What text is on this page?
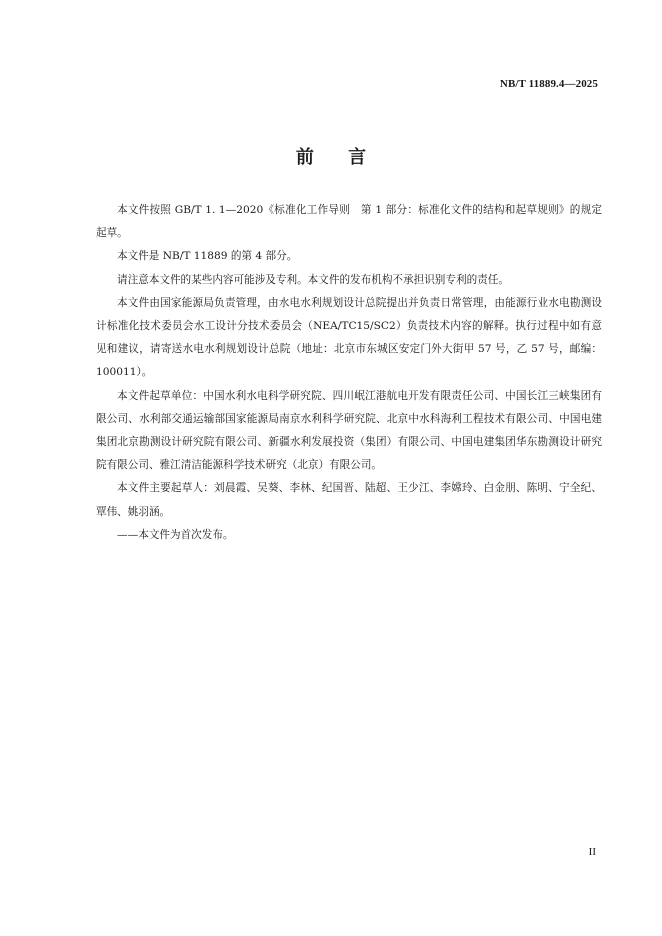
NB/T 11889.4—2025
前 言

本文件按照 GB/T 1. 1—2020《标准化工作导则　第 1 部分：标准化文件的结构和起草规则》的规定起草。

本文件是 NB/T 11889 的第 4 部分。

请注意本文件的某些内容可能涉及专利。本文件的发布机构不承担识别专利的责任。

本文件由国家能源局负责管理，由水电水利规划设计总院提出并负责日常管理，由能源行业水电勘测设计标准化技术委员会水工设计分技术委员会（NEA/TC15/SC2）负责技术内容的解释。执行过程中如有意见和建议，请寄送水电水利规划设计总院（地址：北京市东城区安定门外大街甲 57 号，乙 57 号，邮编：100011）。

本文件起草单位：中国水利水电科学研究院、四川岷江港航电开发有限责任公司、中国长江三峡集团有限公司、水利部交通运输部国家能源局南京水利科学研究院、北京中水科海利工程技术有限公司、中国电建集团北京勘测设计研究院有限公司、新疆水利发展投资（集团）有限公司、中国电建集团华东勘测设计研究院有限公司、雅江清洁能源科学技术研究（北京）有限公司。

本文件主要起草人：刘晨霞、吴葵、李林、纪国晋、陆超、王少江、李嫦玲、白金朋、陈明、宁全纪、覃伟、姚羽涵。

——本文件为首次发布。

II
